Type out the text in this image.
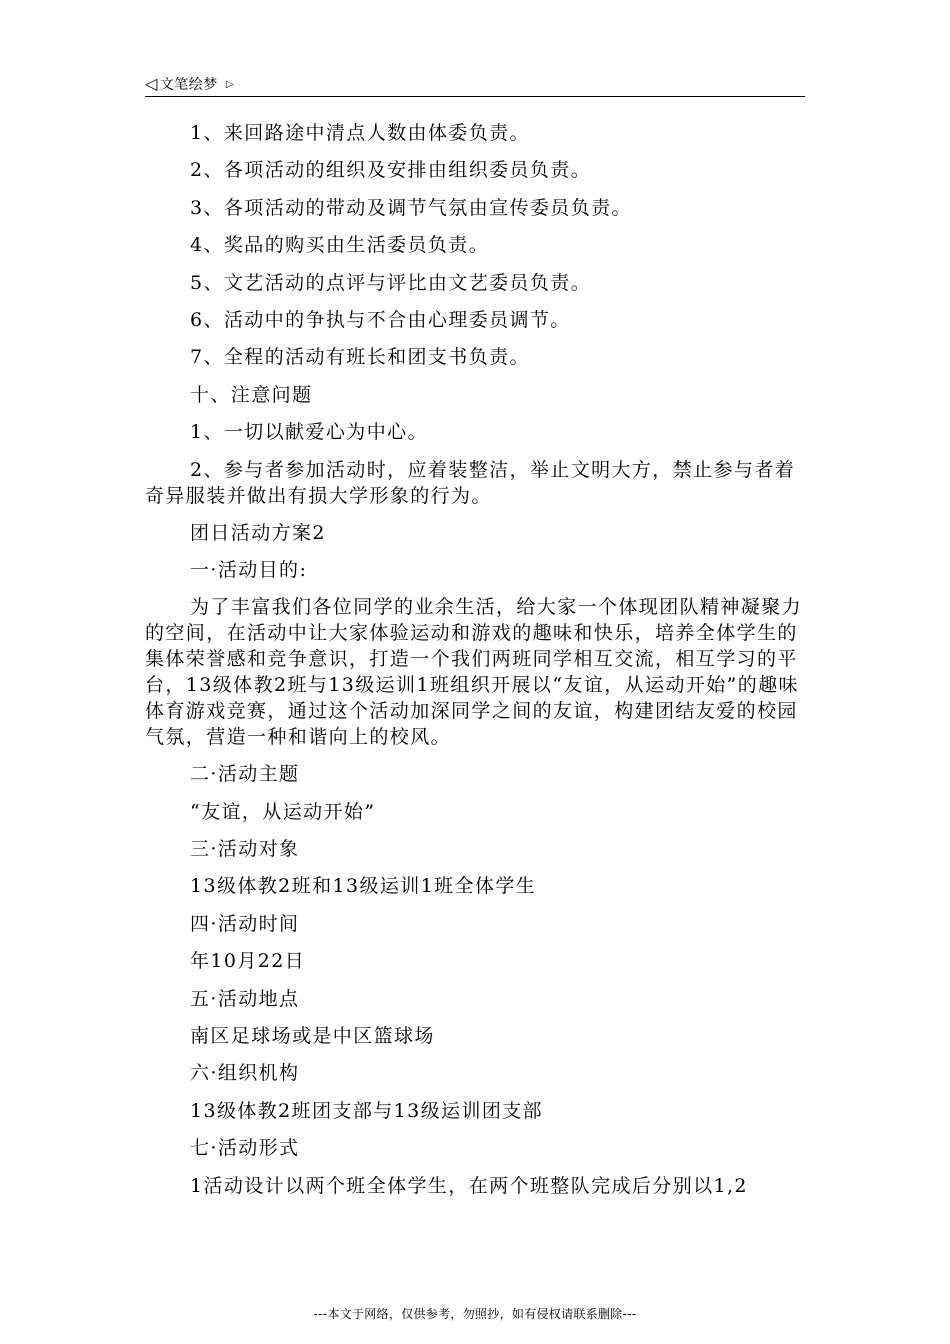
◁ 文笔绘梦 ▷

1、来回路途中清点人数由体委负责。

2、各项活动的组织及安排由组织委员负责。

3、各项活动的带动及调节气氛由宣传委员负责。

4、奖品的购买由生活委员负责。

5、文艺活动的点评与评比由文艺委员负责。

6、活动中的争执与不合由心理委员调节。

7、全程的活动有班长和团支书负责。

十、注意问题

1、一切以献爱心为中心。

2、参与者参加活动时，应着装整洁，举止文明大方，禁止参与者着奇异服装并做出有损大学形象的行为。

团日活动方案2

一·活动目的:

为了丰富我们各位同学的业余生活，给大家一个体现团队精神凝聚力的空间，在活动中让大家体验运动和游戏的趣味和快乐，培养全体学生的集体荣誉感和竞争意识，打造一个我们两班同学相互交流，相互学习的平台，13级体教2班与13级运训1班组织开展以“友谊，从运动开始”的趣味体育游戏竞赛，通过这个活动加深同学之间的友谊，构建团结友爱的校园气氛，营造一种和谐向上的校风。

二·活动主题

“友谊，从运动开始”

三·活动对象

13级体教2班和13级运训1班全体学生

四·活动时间

年10月22日

五·活动地点

南区足球场或是中区篮球场

六·组织机构

13级体教2班团支部与13级运训团支部

七·活动形式

1活动设计以两个班全体学生，在两个班整队完成后分别以1,2

---本文于网络，仅供参考，勿照抄，如有侵权请联系删除---
